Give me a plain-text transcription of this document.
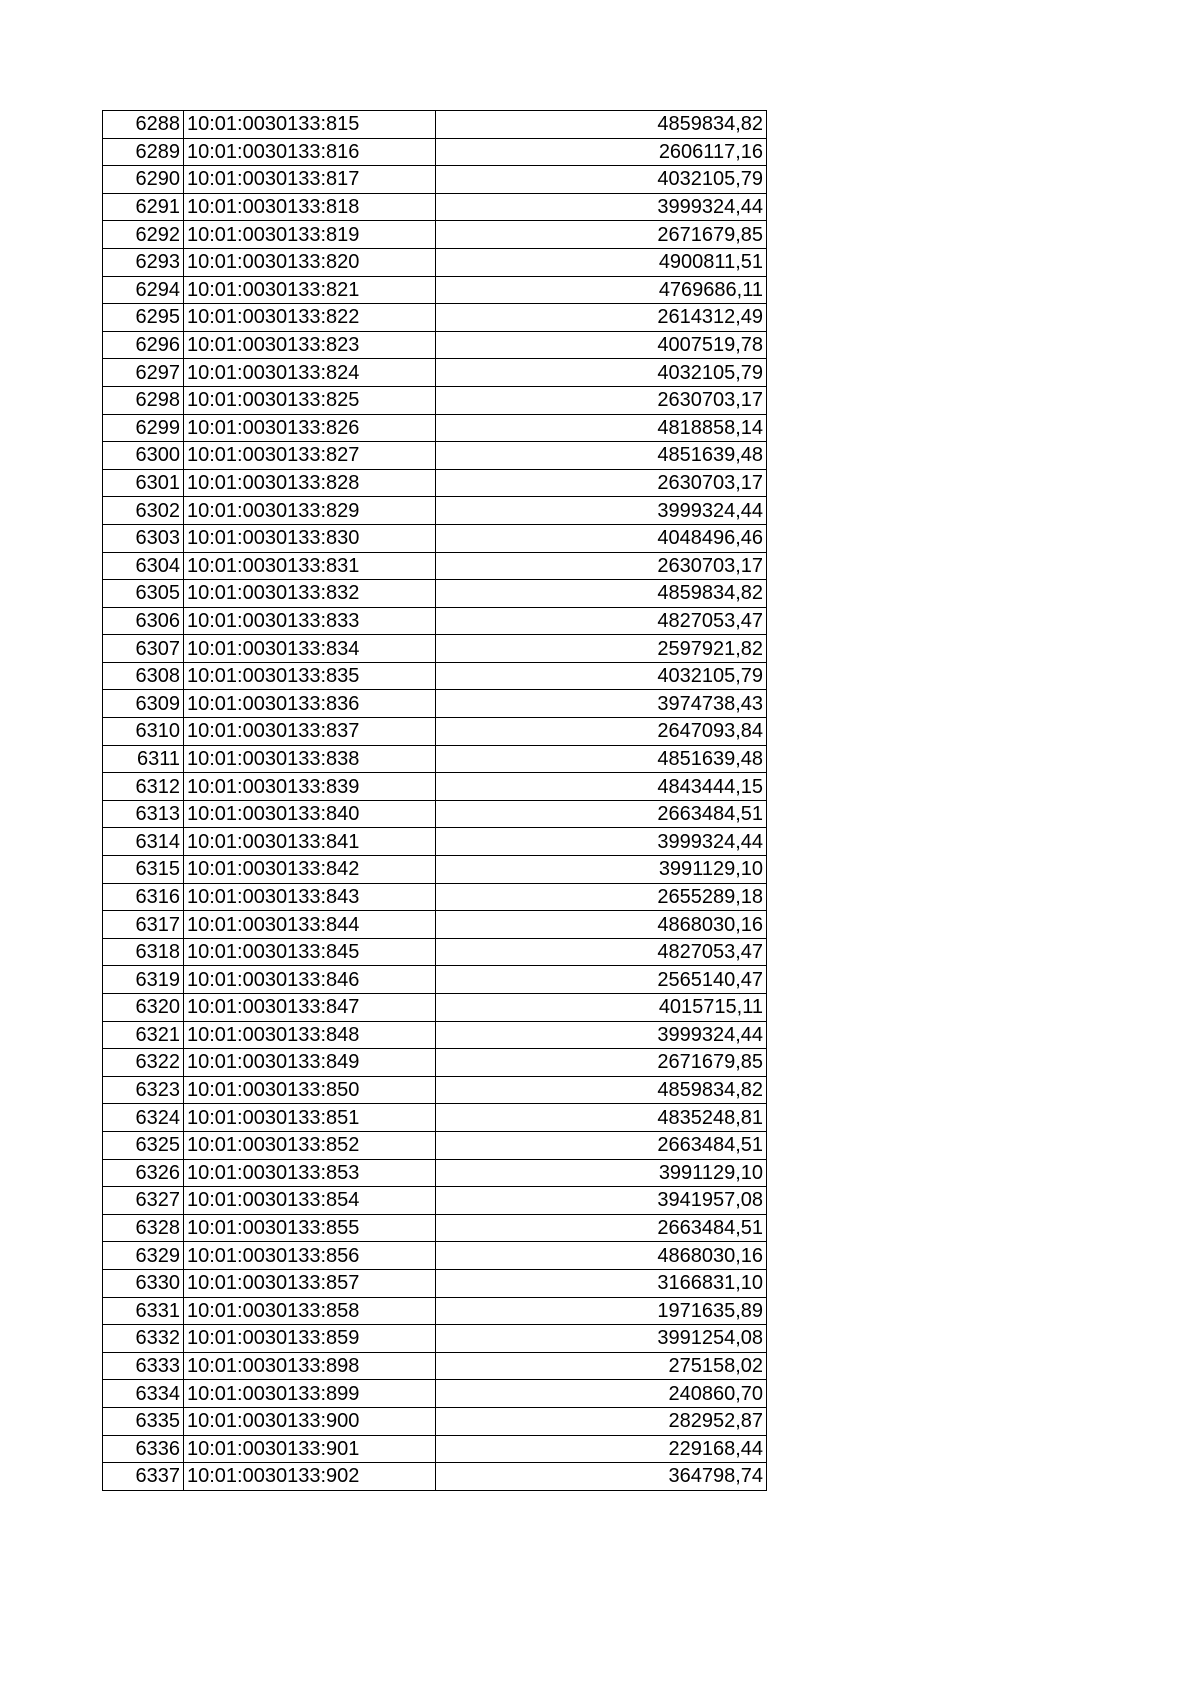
6288	10:01:0030133:815	4859834,82
6289	10:01:0030133:816	2606117,16
6290	10:01:0030133:817	4032105,79
6291	10:01:0030133:818	3999324,44
6292	10:01:0030133:819	2671679,85
6293	10:01:0030133:820	4900811,51
6294	10:01:0030133:821	4769686,11
6295	10:01:0030133:822	2614312,49
6296	10:01:0030133:823	4007519,78
6297	10:01:0030133:824	4032105,79
6298	10:01:0030133:825	2630703,17
6299	10:01:0030133:826	4818858,14
6300	10:01:0030133:827	4851639,48
6301	10:01:0030133:828	2630703,17
6302	10:01:0030133:829	3999324,44
6303	10:01:0030133:830	4048496,46
6304	10:01:0030133:831	2630703,17
6305	10:01:0030133:832	4859834,82
6306	10:01:0030133:833	4827053,47
6307	10:01:0030133:834	2597921,82
6308	10:01:0030133:835	4032105,79
6309	10:01:0030133:836	3974738,43
6310	10:01:0030133:837	2647093,84
6311	10:01:0030133:838	4851639,48
6312	10:01:0030133:839	4843444,15
6313	10:01:0030133:840	2663484,51
6314	10:01:0030133:841	3999324,44
6315	10:01:0030133:842	3991129,10
6316	10:01:0030133:843	2655289,18
6317	10:01:0030133:844	4868030,16
6318	10:01:0030133:845	4827053,47
6319	10:01:0030133:846	2565140,47
6320	10:01:0030133:847	4015715,11
6321	10:01:0030133:848	3999324,44
6322	10:01:0030133:849	2671679,85
6323	10:01:0030133:850	4859834,82
6324	10:01:0030133:851	4835248,81
6325	10:01:0030133:852	2663484,51
6326	10:01:0030133:853	3991129,10
6327	10:01:0030133:854	3941957,08
6328	10:01:0030133:855	2663484,51
6329	10:01:0030133:856	4868030,16
6330	10:01:0030133:857	3166831,10
6331	10:01:0030133:858	1971635,89
6332	10:01:0030133:859	3991254,08
6333	10:01:0030133:898	275158,02
6334	10:01:0030133:899	240860,70
6335	10:01:0030133:900	282952,87
6336	10:01:0030133:901	229168,44
6337	10:01:0030133:902	364798,74
